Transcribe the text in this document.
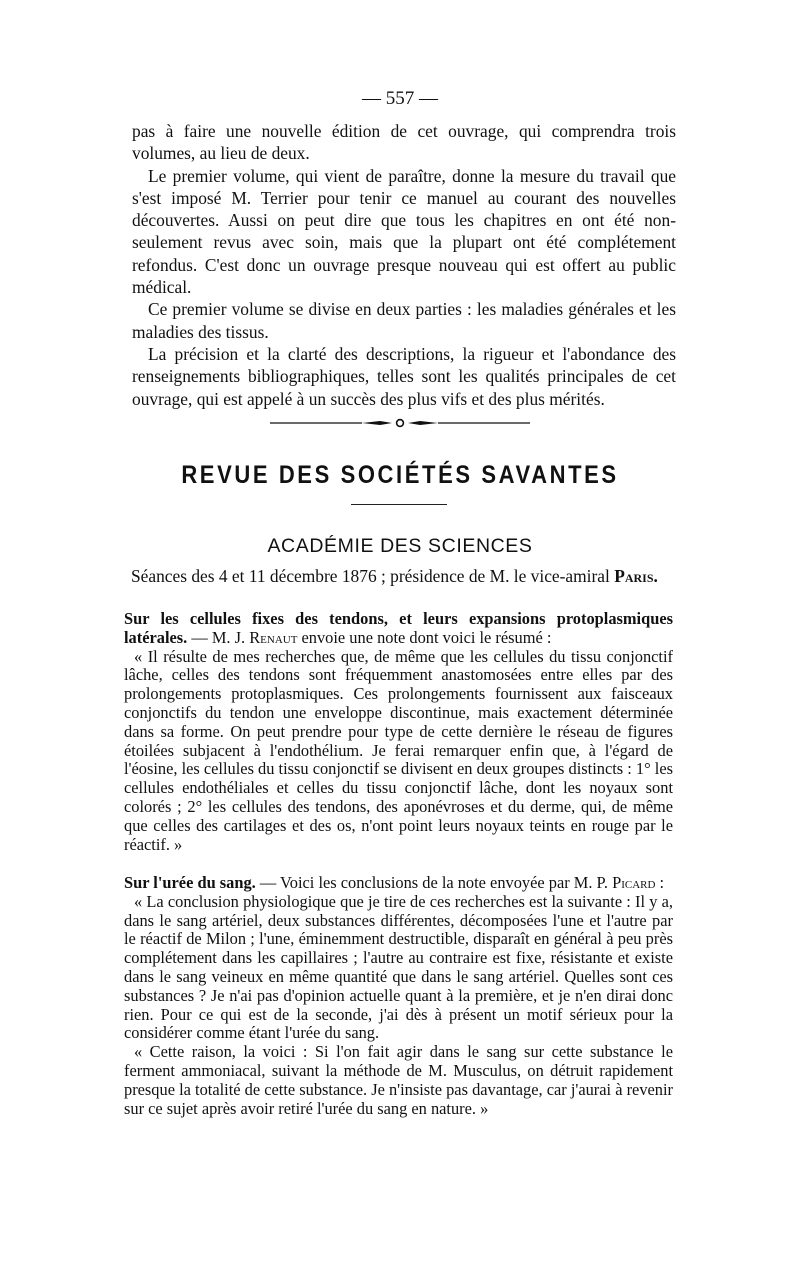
— 557 —

pas à faire une nouvelle édition de cet ouvrage, qui comprendra trois volumes, au lieu de deux.

Le premier volume, qui vient de paraître, donne la mesure du travail que s'est imposé M. Terrier pour tenir ce manuel au courant des nouvelles découvertes. Aussi on peut dire que tous les chapitres en ont été non-seulement revus avec soin, mais que la plupart ont été complétement refondus. C'est donc un ouvrage presque nouveau qui est offert au public médical.

Ce premier volume se divise en deux parties : les maladies générales et les maladies des tissus.

La précision et la clarté des descriptions, la rigueur et l'abondance des renseignements bibliographiques, telles sont les qualités principales de cet ouvrage, qui est appelé à un succès des plus vifs et des plus mérités.

REVUE DES SOCIÉTÉS SAVANTES
ACADÉMIE DES SCIENCES
Séances des 4 et 11 décembre 1876 ; présidence de M. le vice-amiral Paris.

Sur les cellules fixes des tendons, et leurs expansions protoplasmiques latérales. — M. J. Renaut envoie une note dont voici le résumé :

« Il résulte de mes recherches que, de même que les cellules du tissu conjonctif lâche, celles des tendons sont fréquemment anastomosées entre elles par des prolongements protoplasmiques. Ces prolongements fournissent aux faisceaux conjonctifs du tendon une enveloppe discontinue, mais exactement déterminée dans sa forme. On peut prendre pour type de cette dernière le réseau de figures étoilées subjacent à l'endothélium. Je ferai remarquer enfin que, à l'égard de l'éosine, les cellules du tissu conjonctif se divisent en deux groupes distincts : 1° les cellules endothéliales et celles du tissu conjonctif lâche, dont les noyaux sont colorés ; 2° les cellules des tendons, des aponévroses et du derme, qui, de même que celles des cartilages et des os, n'ont point leurs noyaux teints en rouge par le réactif. »

Sur l'urée du sang. — Voici les conclusions de la note envoyée par M. P. Picard :

« La conclusion physiologique que je tire de ces recherches est la suivante : Il y a, dans le sang artériel, deux substances différentes, décomposées l'une et l'autre par le réactif de Milon ; l'une, éminemment destructible, disparaît en général à peu près complétement dans les capillaires ; l'autre au contraire est fixe, résistante et existe dans le sang veineux en même quantité que dans le sang artériel. Quelles sont ces substances ? Je n'ai pas d'opinion actuelle quant à la première, et je n'en dirai donc rien. Pour ce qui est de la seconde, j'ai dès à présent un motif sérieux pour la considérer comme étant l'urée du sang.

« Cette raison, la voici : Si l'on fait agir dans le sang sur cette substance le ferment ammoniacal, suivant la méthode de M. Musculus, on détruit rapidement presque la totalité de cette substance. Je n'insiste pas davantage, car j'aurai à revenir sur ce sujet après avoir retiré l'urée du sang en nature. »
